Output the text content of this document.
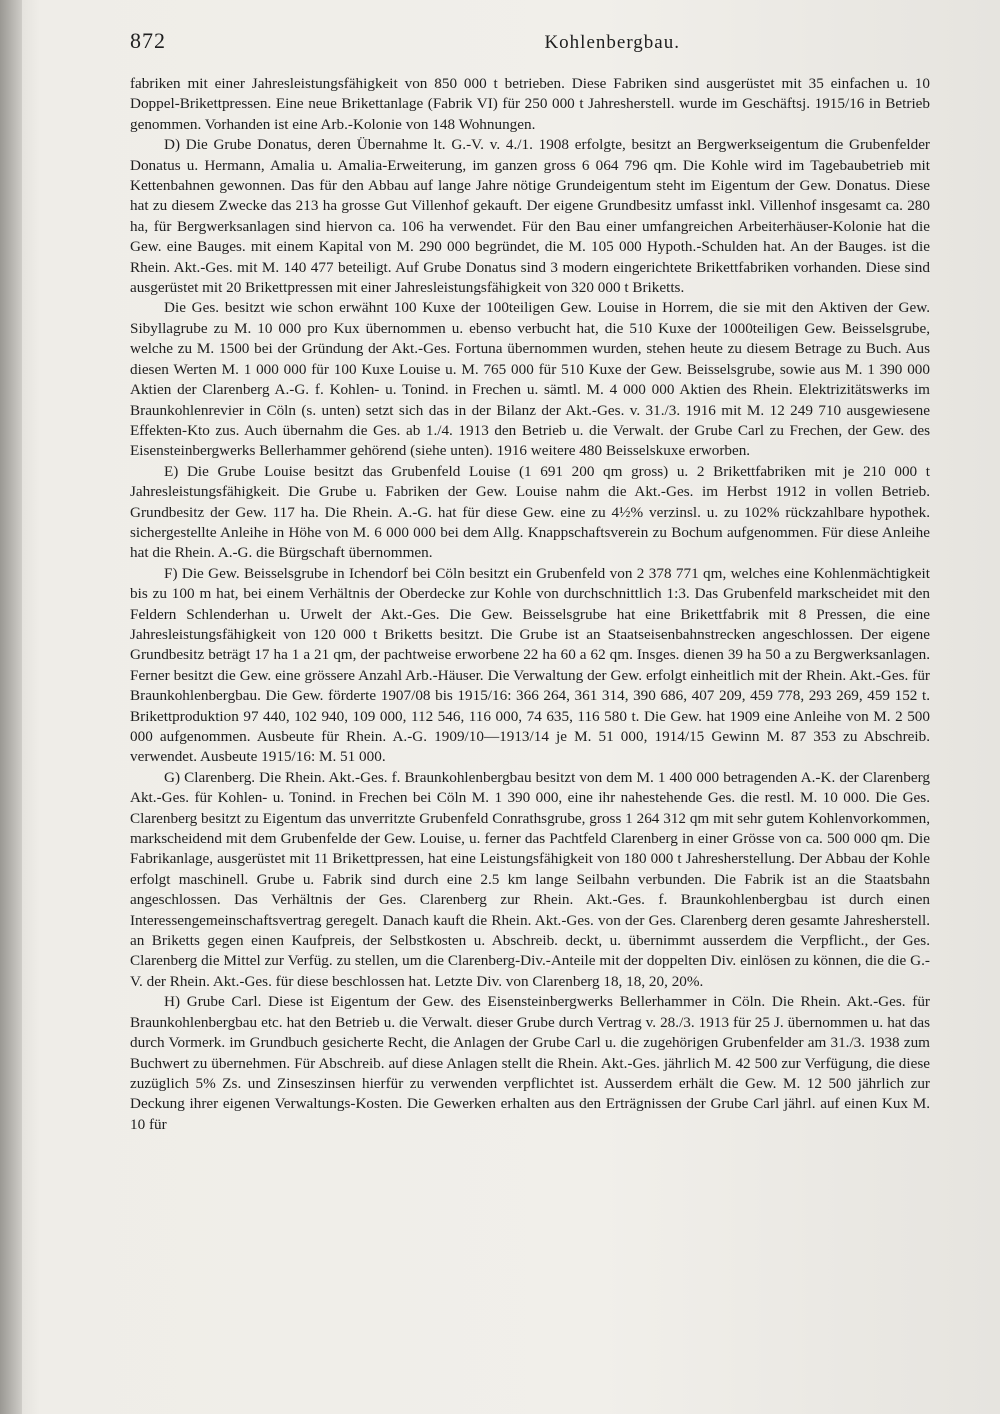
872	Kohlenbergbau.

fabriken mit einer Jahresleistungsfähigkeit von 850 000 t betrieben. Diese Fabriken sind ausgerüstet mit 35 einfachen u. 10 Doppel-Brikettpressen. Eine neue Brikettanlage (Fabrik VI) für 250 000 t Jahresherstell. wurde im Geschäftsj. 1915/16 in Betrieb genommen. Vorhanden ist eine Arb.-Kolonie von 148 Wohnungen.

D) Die Grube Donatus, deren Übernahme lt. G.-V. v. 4./1. 1908 erfolgte, besitzt an Bergwerkseigentum die Grubenfelder Donatus u. Hermann, Amalia u. Amalia-Erweiterung, im ganzen gross 6 064 796 qm. Die Kohle wird im Tagebaubetrieb mit Kettenbahnen gewonnen. Das für den Abbau auf lange Jahre nötige Grundeigentum steht im Eigentum der Gew. Donatus. Diese hat zu diesem Zwecke das 213 ha grosse Gut Villenhof gekauft. Der eigene Grundbesitz umfasst inkl. Villenhof insgesamt ca. 280 ha, für Bergwerksanlagen sind hiervon ca. 106 ha verwendet. Für den Bau einer umfangreichen Arbeiterhäuser-Kolonie hat die Gew. eine Bauges. mit einem Kapital von M. 290 000 begründet, die M. 105 000 Hypoth.-Schulden hat. An der Bauges. ist die Rhein. Akt.-Ges. mit M. 140 477 beteiligt. Auf Grube Donatus sind 3 modern eingerichtete Brikettfabriken vorhanden. Diese sind ausgerüstet mit 20 Brikettpressen mit einer Jahresleistungsfähigkeit von 320 000 t Briketts.

Die Ges. besitzt wie schon erwähnt 100 Kuxe der 100teiligen Gew. Louise in Horrem, die sie mit den Aktiven der Gew. Sibyllagrube zu M. 10 000 pro Kux übernommen u. ebenso verbucht hat, die 510 Kuxe der 1000teiligen Gew. Beisselsgrube, welche zu M. 1500 bei der Gründung der Akt.-Ges. Fortuna übernommen wurden, stehen heute zu diesem Betrage zu Buch. Aus diesen Werten M. 1 000 000 für 100 Kuxe Louise u. M. 765 000 für 510 Kuxe der Gew. Beisselsgrube, sowie aus M. 1 390 000 Aktien der Clarenberg A.-G. f. Kohlen- u. Tonind. in Frechen u. sämtl. M. 4 000 000 Aktien des Rhein. Elektrizitätswerks im Braunkohlenrevier in Cöln (s. unten) setzt sich das in der Bilanz der Akt.-Ges. v. 31./3. 1916 mit M. 12 249 710 ausgewiesene Effekten-Kto zus. Auch übernahm die Ges. ab 1./4. 1913 den Betrieb u. die Verwalt. der Grube Carl zu Frechen, der Gew. des Eisensteinbergwerks Bellerhammer gehörend (siehe unten). 1916 weitere 480 Beisselskuxe erworben.

E) Die Grube Louise besitzt das Grubenfeld Louise (1 691 200 qm gross) u. 2 Brikettfabriken mit je 210 000 t Jahresleistungsfähigkeit. Die Grube u. Fabriken der Gew. Louise nahm die Akt.-Ges. im Herbst 1912 in vollen Betrieb. Grundbesitz der Gew. 117 ha. Die Rhein. A.-G. hat für diese Gew. eine zu 4½% verzinsl. u. zu 102% rückzahlbare hypothek. sichergestellte Anleihe in Höhe von M. 6 000 000 bei dem Allg. Knappschaftsverein zu Bochum aufgenommen. Für diese Anleihe hat die Rhein. A.-G. die Bürgschaft übernommen.

F) Die Gew. Beisselsgrube in Ichendorf bei Cöln besitzt ein Grubenfeld von 2 378 771 qm, welches eine Kohlenmächtigkeit bis zu 100 m hat, bei einem Verhältnis der Oberdecke zur Kohle von durchschnittlich 1:3. Das Grubenfeld markscheidet mit den Feldern Schlenderhan u. Urwelt der Akt.-Ges. Die Gew. Beisselsgrube hat eine Brikettfabrik mit 8 Pressen, die eine Jahresleistungsfähigkeit von 120 000 t Briketts besitzt. Die Grube ist an Staatseisenbahnstrecken angeschlossen. Der eigene Grundbesitz beträgt 17 ha 1 a 21 qm, der pachtweise erworbene 22 ha 60 a 62 qm. Insges. dienen 39 ha 50 a zu Bergwerksanlagen. Ferner besitzt die Gew. eine grössere Anzahl Arb.-Häuser. Die Verwaltung der Gew. erfolgt einheitlich mit der Rhein. Akt.-Ges. für Braunkohlenbergbau. Die Gew. förderte 1907/08 bis 1915/16: 366 264, 361 314, 390 686, 407 209, 459 778, 293 269, 459 152 t. Brikettproduktion 97 440, 102 940, 109 000, 112 546, 116 000, 74 635, 116 580 t. Die Gew. hat 1909 eine Anleihe von M. 2 500 000 aufgenommen. Ausbeute für Rhein. A.-G. 1909/10—1913/14 je M. 51 000, 1914/15 Gewinn M. 87 353 zu Abschreib. verwendet. Ausbeute 1915/16: M. 51 000.

G) Clarenberg. Die Rhein. Akt.-Ges. f. Braunkohlenbergbau besitzt von dem M. 1 400 000 betragenden A.-K. der Clarenberg Akt.-Ges. für Kohlen- u. Tonind. in Frechen bei Cöln M. 1 390 000, eine ihr nahestehende Ges. die restl. M. 10 000. Die Ges. Clarenberg besitzt zu Eigentum das unverritzte Grubenfeld Conrathsgrube, gross 1 264 312 qm mit sehr gutem Kohlenvorkommen, markscheidend mit dem Grubenfelde der Gew. Louise, u. ferner das Pachtfeld Clarenberg in einer Grösse von ca. 500 000 qm. Die Fabrikanlage, ausgerüstet mit 11 Brikettpressen, hat eine Leistungsfähigkeit von 180 000 t Jahresherstellung. Der Abbau der Kohle erfolgt maschinell. Grube u. Fabrik sind durch eine 2.5 km lange Seilbahn verbunden. Die Fabrik ist an die Staatsbahn angeschlossen. Das Verhältnis der Ges. Clarenberg zur Rhein. Akt.-Ges. f. Braunkohlenbergbau ist durch einen Interessengemeinschaftsvertrag geregelt. Danach kauft die Rhein. Akt.-Ges. von der Ges. Clarenberg deren gesamte Jahresherstell. an Briketts gegen einen Kaufpreis, der Selbstkosten u. Abschreib. deckt, u. übernimmt ausserdem die Verpflicht., der Ges. Clarenberg die Mittel zur Verfüg. zu stellen, um die Clarenberg-Div.-Anteile mit der doppelten Div. einlösen zu können, die die G.-V. der Rhein. Akt.-Ges. für diese beschlossen hat. Letzte Div. von Clarenberg 18, 18, 20, 20%.

H) Grube Carl. Diese ist Eigentum der Gew. des Eisensteinbergwerks Bellerhammer in Cöln. Die Rhein. Akt.-Ges. für Braunkohlenbergbau etc. hat den Betrieb u. die Verwalt. dieser Grube durch Vertrag v. 28./3. 1913 für 25 J. übernommen u. hat das durch Vormerk. im Grundbuch gesicherte Recht, die Anlagen der Grube Carl u. die zugehörigen Grubenfelder am 31./3. 1938 zum Buchwert zu übernehmen. Für Abschreib. auf diese Anlagen stellt die Rhein. Akt.-Ges. jährlich M. 42 500 zur Verfügung, die diese zuzüglich 5% Zs. und Zinseszinsen hierfür zu verwenden verpflichtet ist. Ausserdem erhält die Gew. M. 12 500 jährlich zur Deckung ihrer eigenen Verwaltungs-Kosten. Die Gewerken erhalten aus den Erträgnissen der Grube Carl jährl. auf einen Kux M. 10 für
